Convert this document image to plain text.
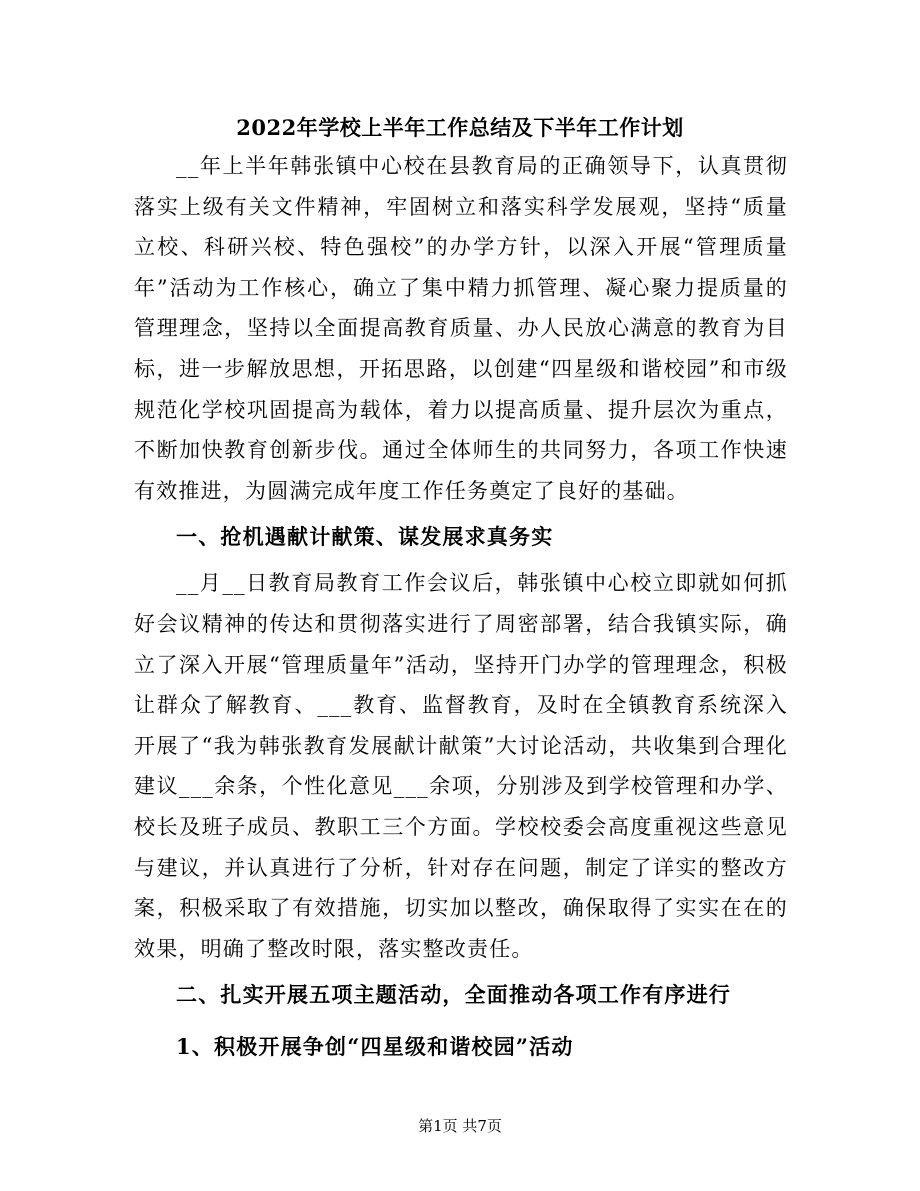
2022年学校上半年工作总结及下半年工作计划

__年上半年韩张镇中心校在县教育局的正确领导下，认真贯彻落实上级有关文件精神，牢固树立和落实科学发展观，坚持“质量立校、科研兴校、特色强校”的办学方针，以深入开展“管理质量年”活动为工作核心，确立了集中精力抓管理、凝心聚力提质量的管理理念，坚持以全面提高教育质量、办人民放心满意的教育为目标，进一步解放思想，开拓思路，以创建“四星级和谐校园”和市级规范化学校巩固提高为载体，着力以提高质量、提升层次为重点，不断加快教育创新步伐。通过全体师生的共同努力，各项工作快速有效推进，为圆满完成年度工作任务奠定了良好的基础。

一、抢机遇献计献策、谋发展求真务实

__月__日教育局教育工作会议后，韩张镇中心校立即就如何抓好会议精神的传达和贯彻落实进行了周密部署，结合我镇实际，确立了深入开展“管理质量年”活动，坚持开门办学的管理理念，积极让群众了解教育、___教育、监督教育，及时在全镇教育系统深入开展了“我为韩张教育发展献计献策”大讨论活动，共收集到合理化建议___余条，个性化意见___余项，分别涉及到学校管理和办学、校长及班子成员、教职工三个方面。学校校委会高度重视这些意见与建议，并认真进行了分析，针对存在问题，制定了详实的整改方案，积极采取了有效措施，切实加以整改，确保取得了实实在在的效果，明确了整改时限，落实整改责任。

二、扎实开展五项主题活动，全面推动各项工作有序进行
1、积极开展争创“四星级和谐校园”活动
第1页 共7页
